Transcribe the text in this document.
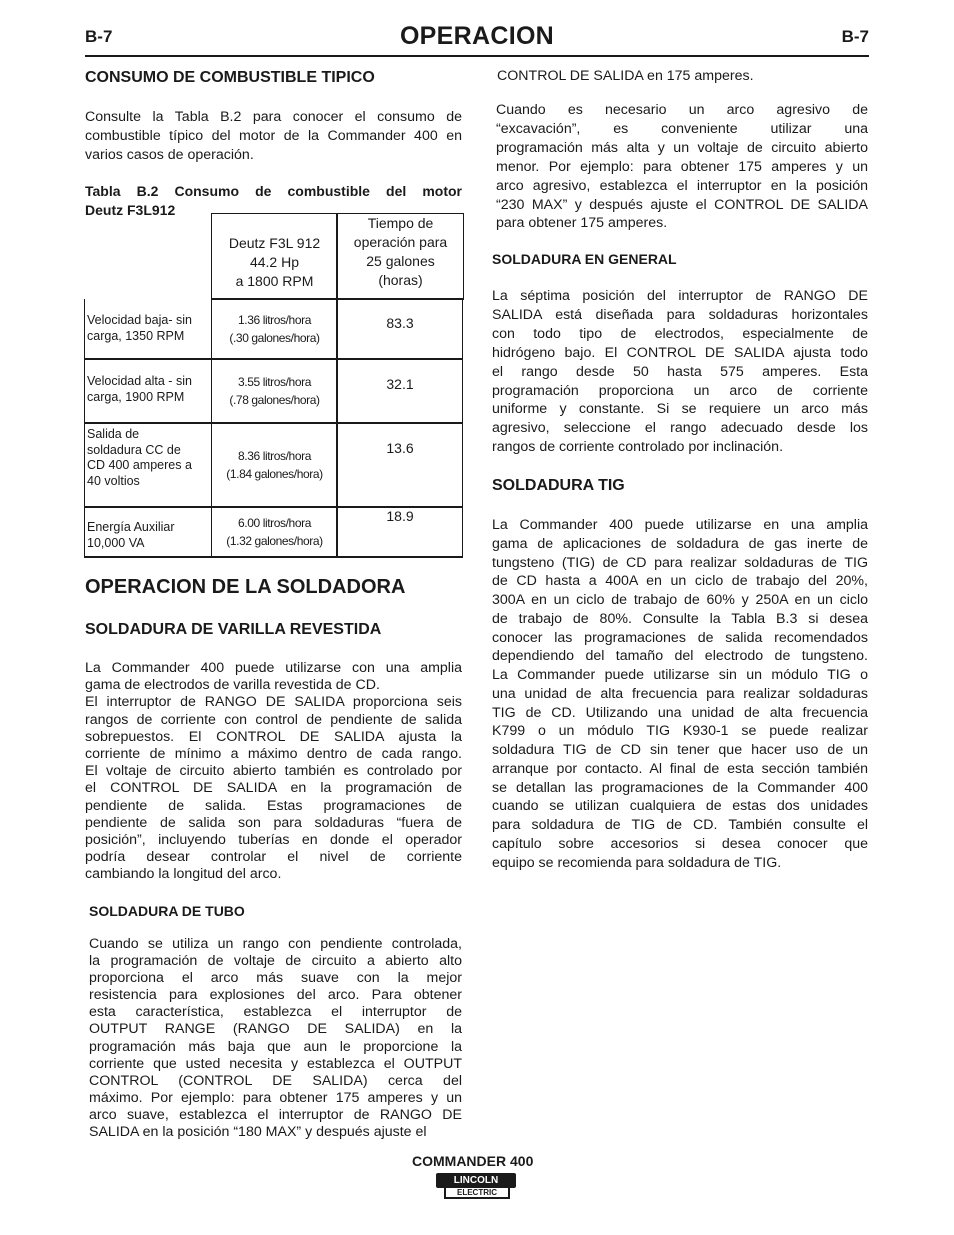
B-7	B-7
OPERACION
CONSUMO DE COMBUSTIBLE TIPICO
Consulte la Tabla B.2 para conocer el consumo de
combustible típico del motor de la Commander 400 en
varios casos de operación.
Tabla B.2 Consumo de combustible del motor
Deutz F3L912
Deutz F3L 912
44.2 Hp
a 1800 RPM
Tiempo de
operación para
25 galones
(horas)
Velocidad baja- sin
carga, 1350 RPM
1.36 litros/hora
(.30 galones/hora)
83.3
Velocidad alta - sin
carga, 1900 RPM
3.55 litros/hora
(.78 galones/hora)
32.1
Salida de
soldadura CC de
CD 400 amperes a
40 voltios
8.36 litros/hora
(1.84 galones/hora)
13.6
Energía Auxiliar
10,000 VA
6.00 litros/hora
(1.32 galones/hora)
18.9
OPERACION DE LA SOLDADORA
SOLDADURA DE VARILLA REVESTIDA
La Commander 400 puede utilizarse con una amplia
gama de electrodos de varilla revestida de CD.
El interruptor de RANGO DE SALIDA proporciona seis
rangos de corriente con control de pendiente de salida
sobrepuestos. El CONTROL DE SALIDA ajusta la
corriente de mínimo a máximo dentro de cada rango.
El voltaje de circuito abierto también es controlado por
el CONTROL DE SALIDA en la programación de
pendiente de salida. Estas programaciones de
pendiente de salida son para soldaduras “fuera de
posición”, incluyendo tuberías en donde el operador
podría desear controlar el nivel de corriente
cambiando la longitud del arco.
SOLDADURA DE TUBO
Cuando se utiliza un rango con pendiente controlada,
la programación de voltaje de circuito a abierto alto
proporciona el arco más suave con la mejor
resistencia para explosiones del arco. Para obtener
esta característica, establezca el interruptor de
OUTPUT RANGE (RANGO DE SALIDA) en la
programación más baja que aun le proporcione la
corriente que usted necesita y establezca el OUTPUT
CONTROL (CONTROL DE SALIDA) cerca del
máximo. Por ejemplo: para obtener 175 amperes y un
arco suave, establezca el interruptor de RANGO DE
SALIDA en la posición “180 MAX” y después ajuste el
CONTROL DE SALIDA en 175 amperes.
Cuando es necesario un arco agresivo de
“excavación”, es conveniente utilizar una
programación más alta y un voltaje de circuito abierto
menor. Por ejemplo: para obtener 175 amperes y un
arco agresivo, establezca el interruptor en la posición
“230 MAX” y después ajuste el CONTROL DE SALIDA
para obtener 175 amperes.
SOLDADURA EN GENERAL
La séptima posición del interruptor de RANGO DE
SALIDA está diseñada para soldaduras horizontales
con todo tipo de electrodos, especialmente de
hidrógeno bajo. El CONTROL DE SALIDA ajusta todo
el rango desde 50 hasta 575 amperes. Esta
programación proporciona un arco de corriente
uniforme y constante. Si se requiere un arco más
agresivo, seleccione el rango adecuado desde los
rangos de corriente controlado por inclinación.
SOLDADURA TIG
La Commander 400 puede utilizarse en una amplia
gama de aplicaciones de soldadura de gas inerte de
tungsteno (TIG) de CD para realizar soldaduras de TIG
de CD hasta a 400A en un ciclo de trabajo del 20%,
300A en un ciclo de trabajo de 60% y 250A en un ciclo
de trabajo de 80%. Consulte la Tabla B.3 si desea
conocer las programaciones de salida recomendados
dependiendo del tamaño del electrodo de tungsteno.
La Commander puede utilizarse sin un módulo TIG o
una unidad de alta frecuencia para realizar soldaduras
TIG de CD. Utilizando una unidad de alta frecuencia
K799 o un módulo TIG K930-1 se puede realizar
soldadura TIG de CD sin tener que hacer uso de un
arranque por contacto. Al final de esta sección también
se detallan las programaciones de la Commander 400
cuando se utilizan cualquiera de estas dos unidades
para soldadura de TIG de CD. También consulte el
capítulo sobre accesorios si desea conocer que
equipo se recomienda para soldadura de TIG.
COMMANDER 400
LINCOLN
ELECTRIC
